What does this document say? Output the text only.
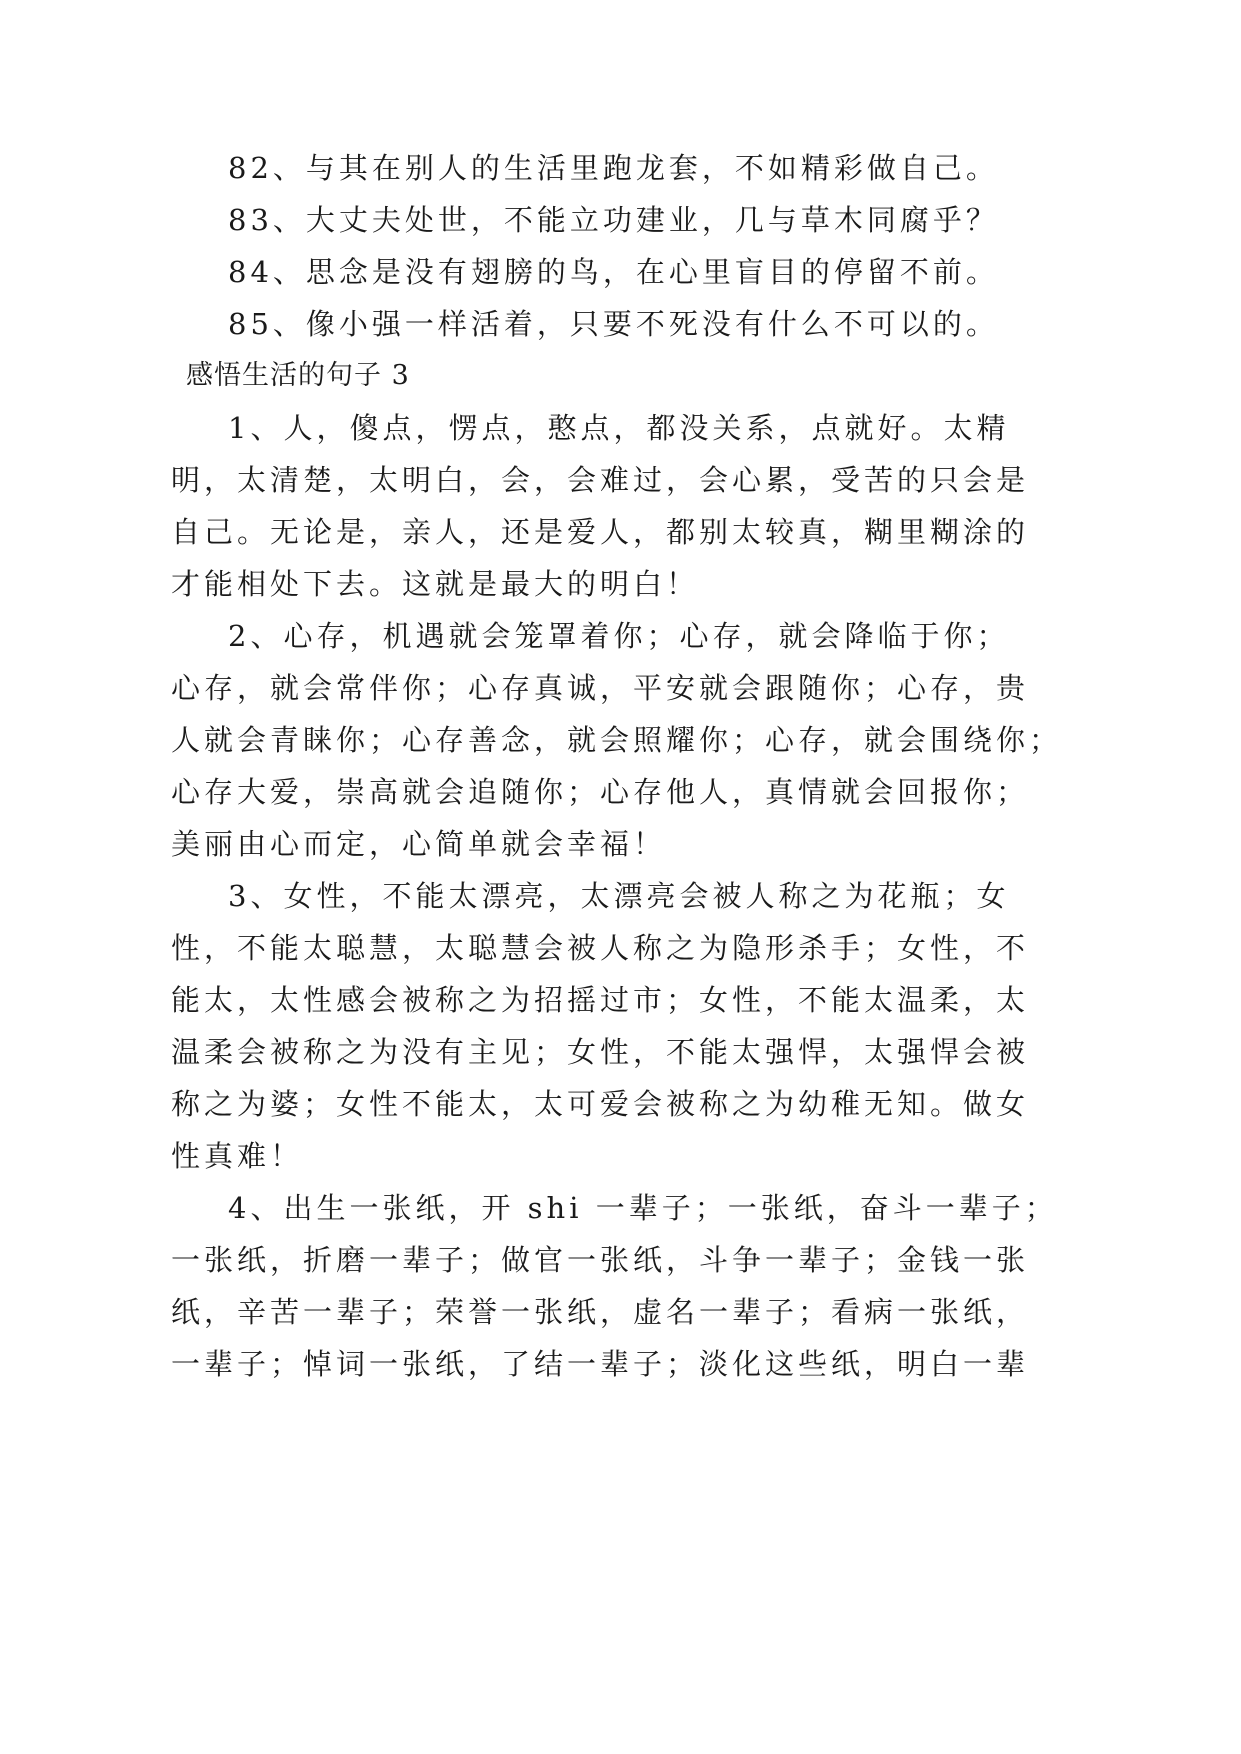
82、与其在别人的生活里跑龙套，不如精彩做自己。
83、大丈夫处世，不能立功建业，几与草木同腐乎？
84、思念是没有翅膀的鸟，在心里盲目的停留不前。
85、像小强一样活着，只要不死没有什么不可以的。
感悟生活的句子 3
1、人，傻点，愣点，憨点，都没关系，点就好。太精
明，太清楚，太明白，会，会难过，会心累，受苦的只会是
自己。无论是，亲人，还是爱人，都别太较真，糊里糊涂的
才能相处下去。这就是最大的明白！
2、心存，机遇就会笼罩着你；心存，就会降临于你；
心存，就会常伴你；心存真诚，平安就会跟随你；心存，贵
人就会青睐你；心存善念，就会照耀你；心存，就会围绕你；
心存大爱，崇高就会追随你；心存他人，真情就会回报你；
美丽由心而定，心简单就会幸福！
3、女性，不能太漂亮，太漂亮会被人称之为花瓶；女
性，不能太聪慧，太聪慧会被人称之为隐形杀手；女性，不
能太，太性感会被称之为招摇过市；女性，不能太温柔，太
温柔会被称之为没有主见；女性，不能太强悍，太强悍会被
称之为婆；女性不能太，太可爱会被称之为幼稚无知。做女
性真难！
4、出生一张纸，开 shi 一辈子；一张纸，奋斗一辈子；
一张纸，折磨一辈子；做官一张纸，斗争一辈子；金钱一张
纸，辛苦一辈子；荣誉一张纸，虚名一辈子；看病一张纸，
一辈子；悼词一张纸，了结一辈子；淡化这些纸，明白一辈
